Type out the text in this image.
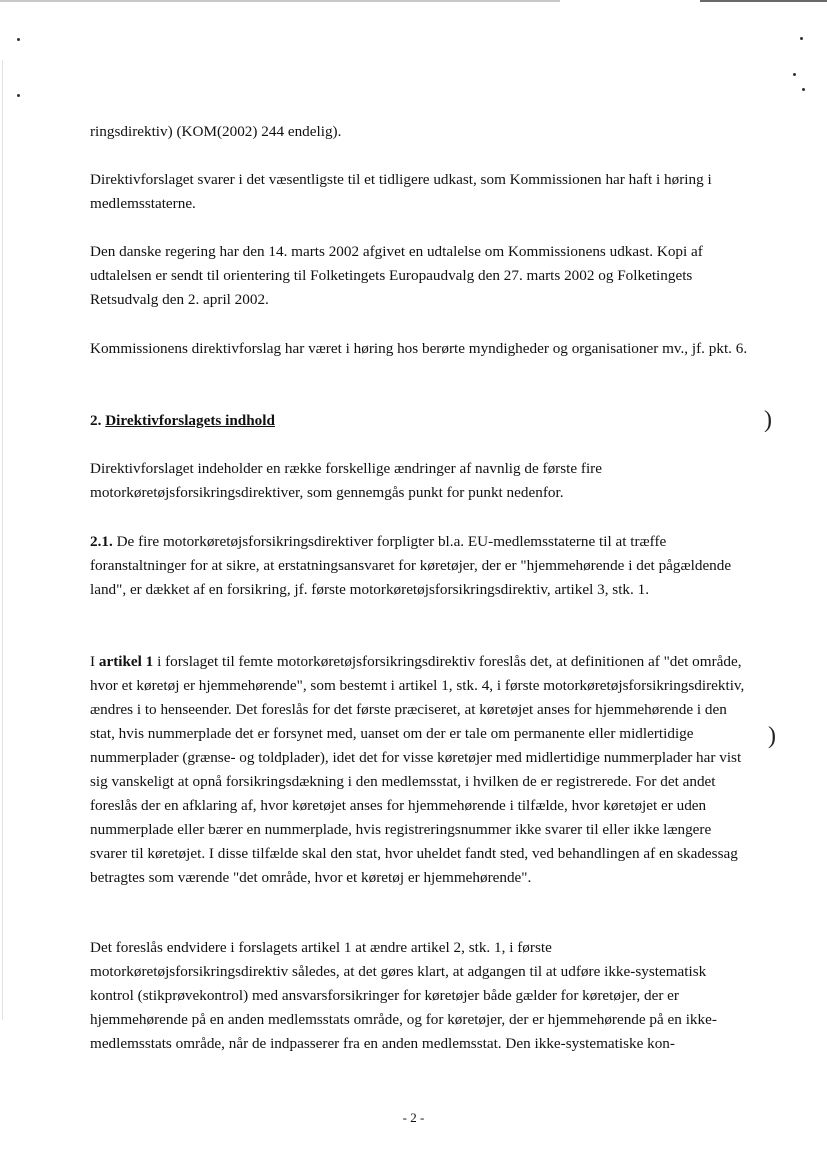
)
)

ringsdirektiv) (KOM(2002) 244 endelig).

Direktivforslaget svarer i det væsentligste til et tidligere udkast, som Kommissionen har haft i høring i medlemsstaterne.

Den danske regering har den 14. marts 2002 afgivet en udtalelse om Kommissionens udkast. Kopi af udtalelsen er sendt til orientering til Folketingets Europaudvalg den 27. marts 2002 og Folketingets Retsudvalg den 2. april 2002.

Kommissionens direktivforslag har været i høring hos berørte myndigheder og organisationer mv., jf. pkt. 6.

2. Direktivforslagets indhold

Direktivforslaget indeholder en række forskellige ændringer af navnlig de første fire motorkøretøjsforsikringsdirektiver, som gennemgås punkt for punkt nedenfor.

2.1. De fire motorkøretøjsforsikringsdirektiver forpligter bl.a. EU-medlemsstaterne til at træffe foranstaltninger for at sikre, at erstatningsansvaret for køretøjer, der er "hjemmehørende i det pågældende land", er dækket af en forsikring, jf. første motorkøretøjsforsikringsdirektiv, artikel 3, stk. 1.

I artikel 1 i forslaget til femte motorkøretøjsforsikringsdirektiv foreslås det, at definitionen af "det område, hvor et køretøj er hjemmehørende", som bestemt i artikel 1, stk. 4, i første motorkøretøjsforsikringsdirektiv, ændres i to henseender. Det foreslås for det første præciseret, at køretøjet anses for hjemmehørende i den stat, hvis nummerplade det er forsynet med, uanset om der er tale om permanente eller midlertidige nummerplader (grænse- og toldplader), idet det for visse køretøjer med midlertidige nummerplader har vist sig vanskeligt at opnå forsikringsdækning i den medlemsstat, i hvilken de er registrerede. For det andet foreslås der en afklaring af, hvor køretøjet anses for hjemmehørende i tilfælde, hvor køretøjet er uden nummerplade eller bærer en nummerplade, hvis registreringsnummer ikke svarer til eller ikke længere svarer til køretøjet. I disse tilfælde skal den stat, hvor uheldet fandt sted, ved behandlingen af en skadessag betragtes som værende "det område, hvor et køretøj er hjemmehørende".

Det foreslås endvidere i forslagets artikel 1 at ændre artikel 2, stk. 1, i første motorkøretøjsforsikringsdirektiv således, at det gøres klart, at adgangen til at udføre ikke-systematisk kontrol (stikprøvekontrol) med ansvarsforsikringer for køretøjer både gælder for køretøjer, der er hjemmehørende på en anden medlemsstats område, og for køretøjer, der er hjemmehørende på en ikke-medlemsstats område, når de indpasserer fra en anden medlemsstat. Den ikke-systematiske kon-

- 2 -
